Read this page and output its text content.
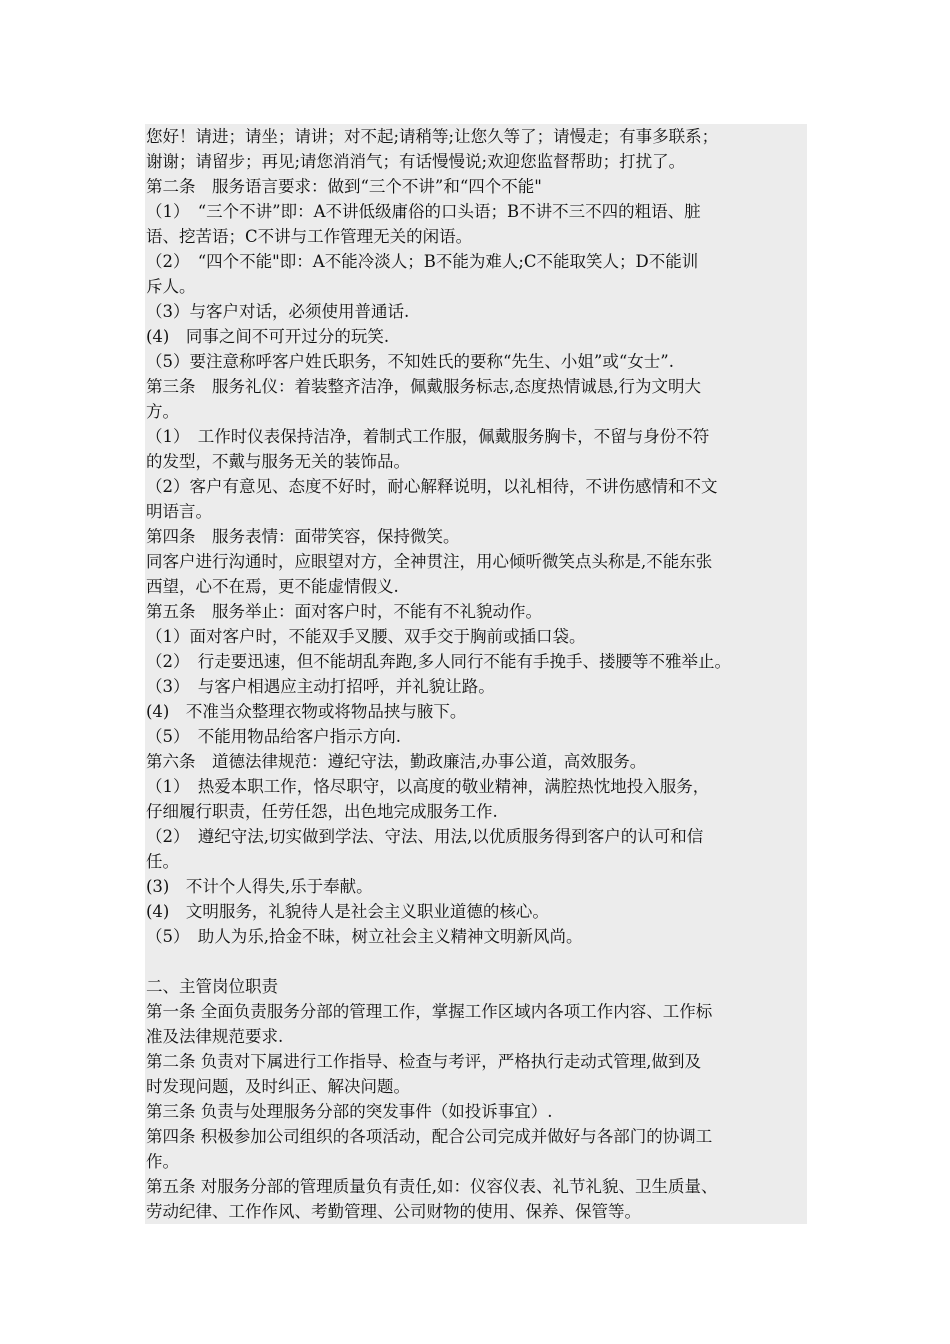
您好！请进；请坐；请讲；对不起;请稍等;让您久等了；请慢走；有事多联系；
谢谢；请留步；再见;请您消消气；有话慢慢说;欢迎您监督帮助；打扰了。
第二条　服务语言要求：做到“三个不讲”和“四个不能"
（1）　“三个不讲”即：A不讲低级庸俗的口头语；B不讲不三不四的粗语、脏
语、挖苦语；C不讲与工作管理无关的闲语。
（2）　“四个不能"即：A不能冷淡人；B不能为难人;C不能取笑人；D不能训
斥人。
（3）与客户对话，必须使用普通话.
(4)　同事之间不可开过分的玩笑.
（5）要注意称呼客户姓氏职务，不知姓氏的要称“先生、小姐”或“女士”.
第三条　服务礼仪：着装整齐洁净，佩戴服务标志,态度热情诚恳,行为文明大
方。
（1）　工作时仪表保持洁净，着制式工作服，佩戴服务胸卡，不留与身份不符
的发型，不戴与服务无关的装饰品。
（2）客户有意见、态度不好时，耐心解释说明，以礼相待，不讲伤感情和不文
明语言。
第四条　服务表情：面带笑容，保持微笑。
同客户进行沟通时，应眼望对方，全神贯注，用心倾听微笑点头称是,不能东张
西望，心不在焉，更不能虚情假义.
第五条　服务举止：面对客户时，不能有不礼貌动作。
（1）面对客户时，不能双手叉腰、双手交于胸前或插口袋。
（2）　行走要迅速，但不能胡乱奔跑,多人同行不能有手挽手、搂腰等不雅举止。
（3）　与客户相遇应主动打招呼，并礼貌让路。
(4)　不准当众整理衣物或将物品挟与腋下。
（5）　不能用物品给客户指示方向.
第六条　道德法律规范：遵纪守法，勤政廉洁,办事公道，高效服务。
（1）　热爱本职工作，恪尽职守，以高度的敬业精神，满腔热忱地投入服务，
仔细履行职责，任劳任怨，出色地完成服务工作.
（2）　遵纪守法,切实做到学法、守法、用法,以优质服务得到客户的认可和信
任。
(3)　不计个人得失,乐于奉献。
(4)　文明服务，礼貌待人是社会主义职业道德的核心。
（5）　助人为乐,拾金不昧，树立社会主义精神文明新风尚。
二、主管岗位职责
第一条 全面负责服务分部的管理工作，掌握工作区域内各项工作内容、工作标
准及法律规范要求.
第二条 负责对下属进行工作指导、检查与考评，严格执行走动式管理,做到及
时发现问题，及时纠正、解决问题。
第三条 负责与处理服务分部的突发事件（如投诉事宜）.
第四条 积极参加公司组织的各项活动，配合公司完成并做好与各部门的协调工
作。
第五条 对服务分部的管理质量负有责任,如：仪容仪表、礼节礼貌、卫生质量、
劳动纪律、工作作风、考勤管理、公司财物的使用、保养、保管等。
